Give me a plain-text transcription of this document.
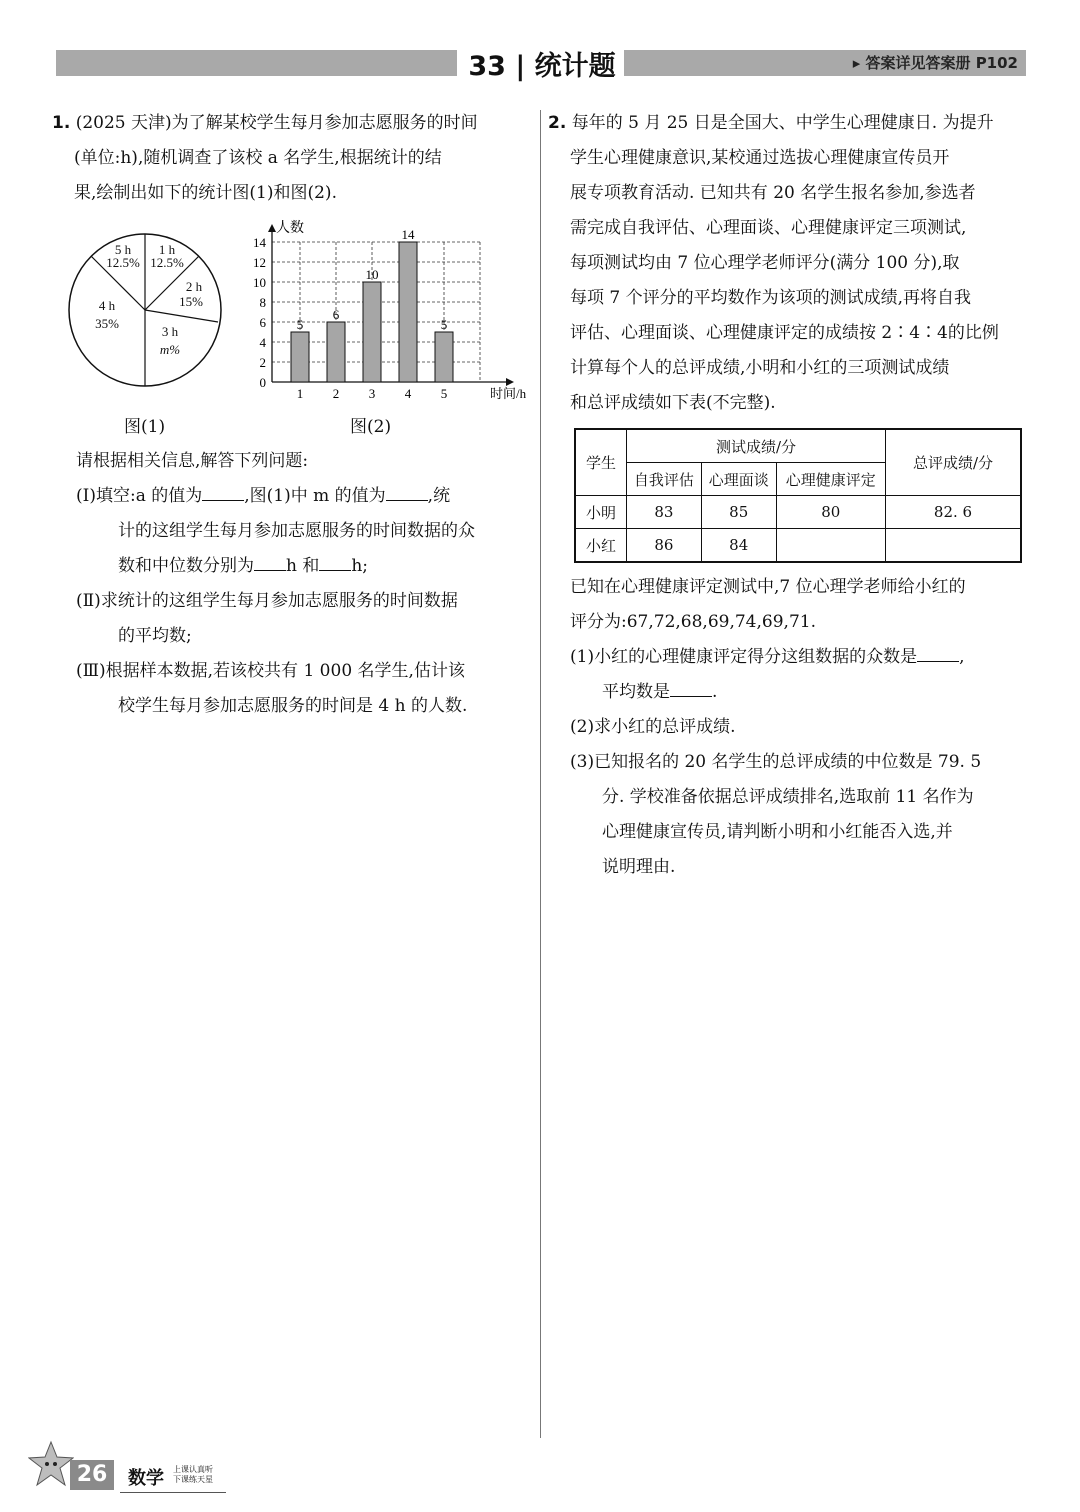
33 | 统计题	▸ 答案详见答案册 P102

1. (2025 天津)为了解某校学生每月参加志愿服务的时间

(单位:h),随机调查了该校 a 名学生,根据统计的结

果,绘制出如下的统计图(1)和图(2).

5 h
12.5%
1 h
12.5%
2 h
15%
3 h
m%
4 h
35%
人数
时间/h
0
2
4
6
8
10
12
14
5
1
6
2
10
3
14
4
5
5
图(1)	图(2)

请根据相关信息,解答下列问题:

(Ⅰ)填空:a 的值为 ,图(1)中 m 的值为 ,统

计的这组学生每月参加志愿服务的时间数据的众

数和中位数分别为 h 和 h;

(Ⅱ)求统计的这组学生每月参加志愿服务的时间数据

的平均数;

(Ⅲ)根据样本数据,若该校共有 1 000 名学生,估计该

校学生每月参加志愿服务的时间是 4 h 的人数.

2. 每年的 5 月 25 日是全国大、中学生心理健康日. 为提升

学生心理健康意识,某校通过选拔心理健康宣传员开

展专项教育活动. 已知共有 20 名学生报名参加,参选者

需完成自我评估、心理面谈、心理健康评定三项测试,

每项测试均由 7 位心理学老师评分(满分 100 分),取

每项 7 个评分的平均数作为该项的测试成绩,再将自我

评估、心理面谈、心理健康评定的成绩按 2∶4∶4的比例

计算每个人的总评成绩,小明和小红的三项测试成绩

和总评成绩如下表(不完整).

学生	测试成绩/分			总评成绩/分
	自我评估	心理面谈	心理健康评定	
小明	83	85	80	82. 6
小红	86	84		

已知在心理健康评定测试中,7 位心理学老师给小红的

评分为:67,72,68,69,74,69,71.

(1)小红的心理健康评定得分这组数据的众数是 ,

平均数是 .

(2)求小红的总评成绩.

(3)已知报名的 20 名学生的总评成绩的中位数是 79. 5

分. 学校准备依据总评成绩排名,选取前 11 名作为

心理健康宣传员,请判断小明和小红能否入选,并

说明理由.

26	数学 上课认真听
下课练天星
